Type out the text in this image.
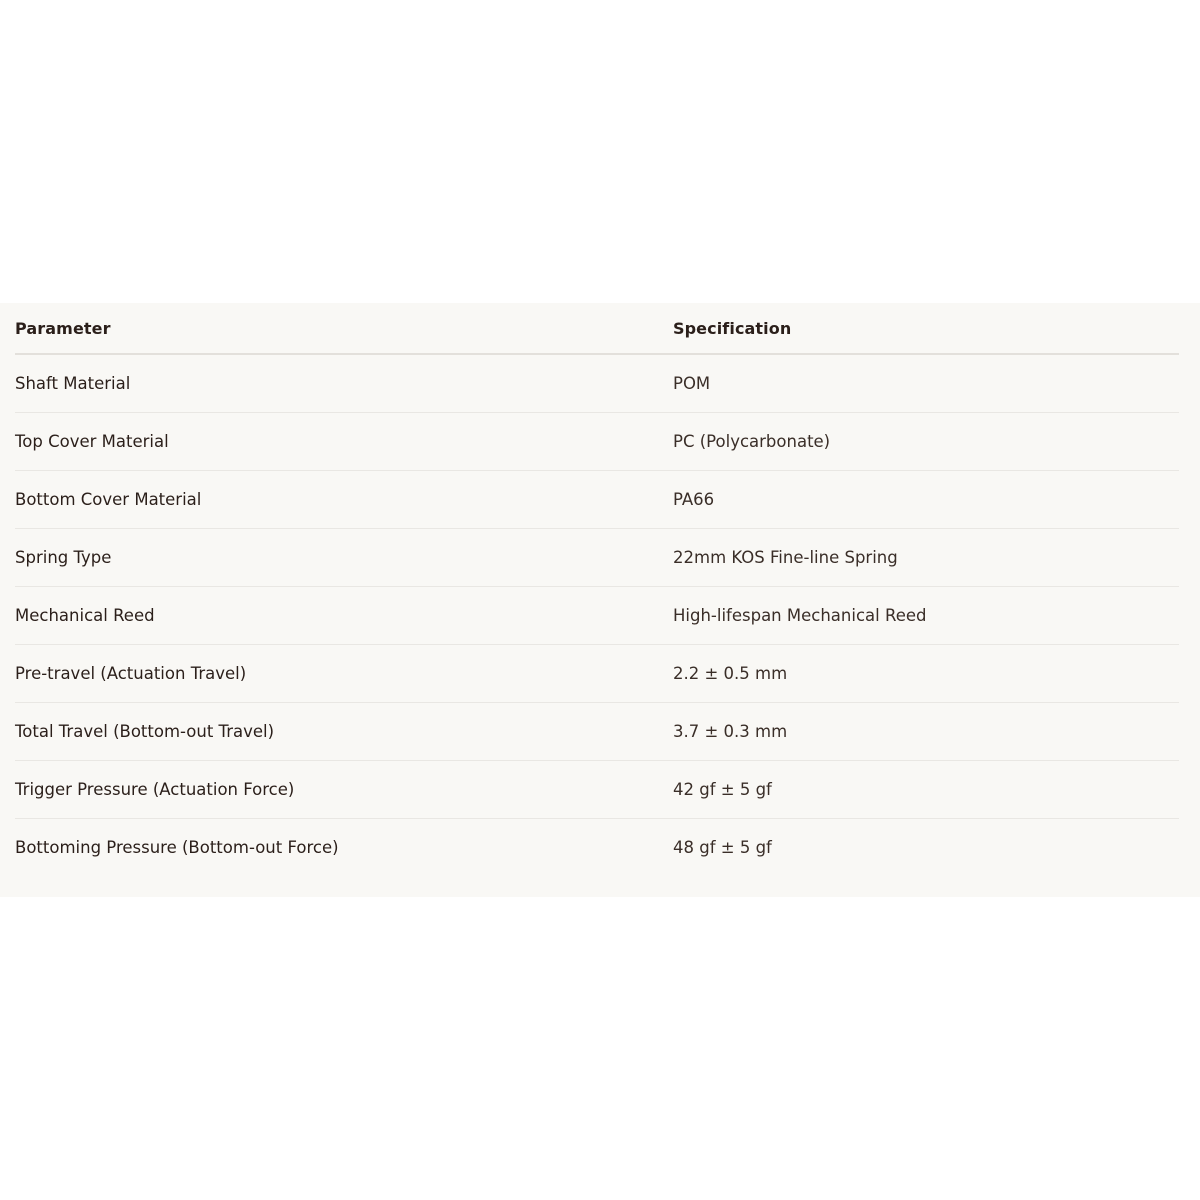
Parameter	Specification
Shaft Material	POM
Top Cover Material	PC (Polycarbonate)
Bottom Cover Material	PA66
Spring Type	22mm KOS Fine-line Spring
Mechanical Reed	High-lifespan Mechanical Reed
Pre-travel (Actuation Travel)	2.2 ± 0.5 mm
Total Travel (Bottom-out Travel)	3.7 ± 0.3 mm
Trigger Pressure (Actuation Force)	42 gf ± 5 gf
Bottoming Pressure (Bottom-out Force)	48 gf ± 5 gf
